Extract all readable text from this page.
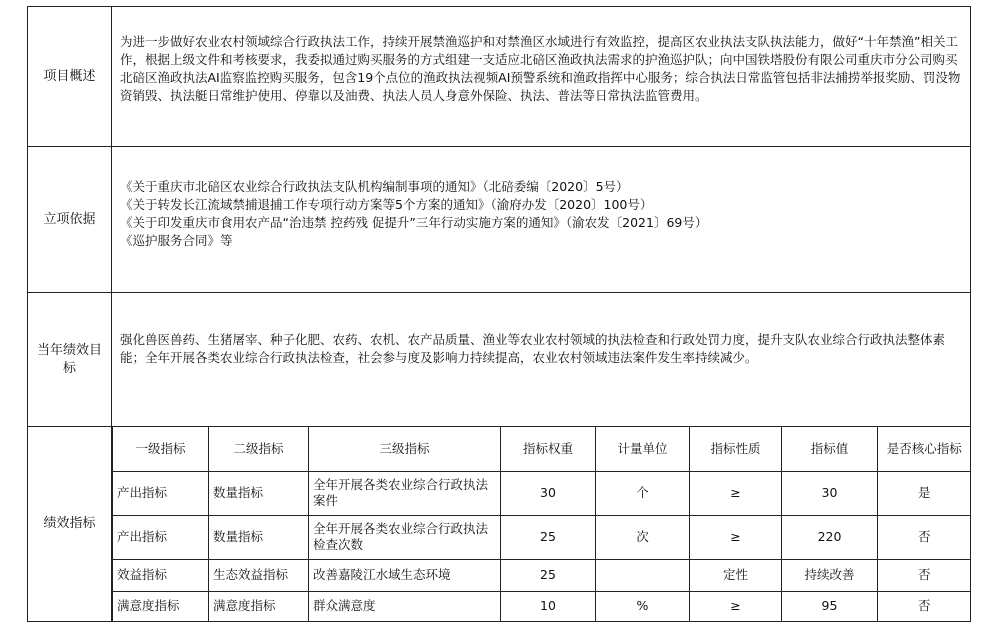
项目概述
为进一步做好农业农村领域综合行政执法工作，持续开展禁渔巡护和对禁渔区水域进行有效监控，提高区农业执法支队执法能力，做好“十年禁渔”相关工作，根据上级文件和考核要求，我委拟通过购买服务的方式组建一支适应北碚区渔政执法需求的护渔巡护队；向中国铁塔股份有限公司重庆市分公司购买北碚区渔政执法AI监察监控购买服务，包含19个点位的渔政执法视频AI预警系统和渔政指挥中心服务；综合执法日常监管包括非法捕捞举报奖励、罚没物资销毁、执法艇日常维护使用、停靠以及油费、执法人员人身意外保险、执法、普法等日常执法监管费用。
立项依据
《关于重庆市北碚区农业综合行政执法支队机构编制事项的通知》（北碚委编〔2020〕5号）
《关于转发长江流域禁捕退捕工作专项行动方案等5个方案的通知》（渝府办发〔2020〕100号）
《关于印发重庆市食用农产品“治违禁 控药残 促提升”三年行动实施方案的通知》（渝农发〔2021〕69号）
《巡护服务合同》等
当年绩效目标
强化兽医兽药、生猪屠宰、种子化肥、农药、农机、农产品质量、渔业等农业农村领域的执法检查和行政处罚力度，提升支队农业综合行政执法整体素能；全年开展各类农业综合行政执法检查，社会参与度及影响力持续提高，农业农村领域违法案件发生率持续减少。
绩效指标
一级指标	二级指标	三级指标	指标权重	计量单位	指标性质	指标值	是否核心指标
产出指标	数量指标	全年开展各类农业综合行政执法案件	30	个	≥	30	是
产出指标	数量指标	全年开展各类农业综合行政执法检查次数	25	次	≥	220	否
效益指标	生态效益指标	改善嘉陵江水域生态环境	25		定性	持续改善	否
满意度指标	满意度指标	群众满意度	10	%	≥	95	否
